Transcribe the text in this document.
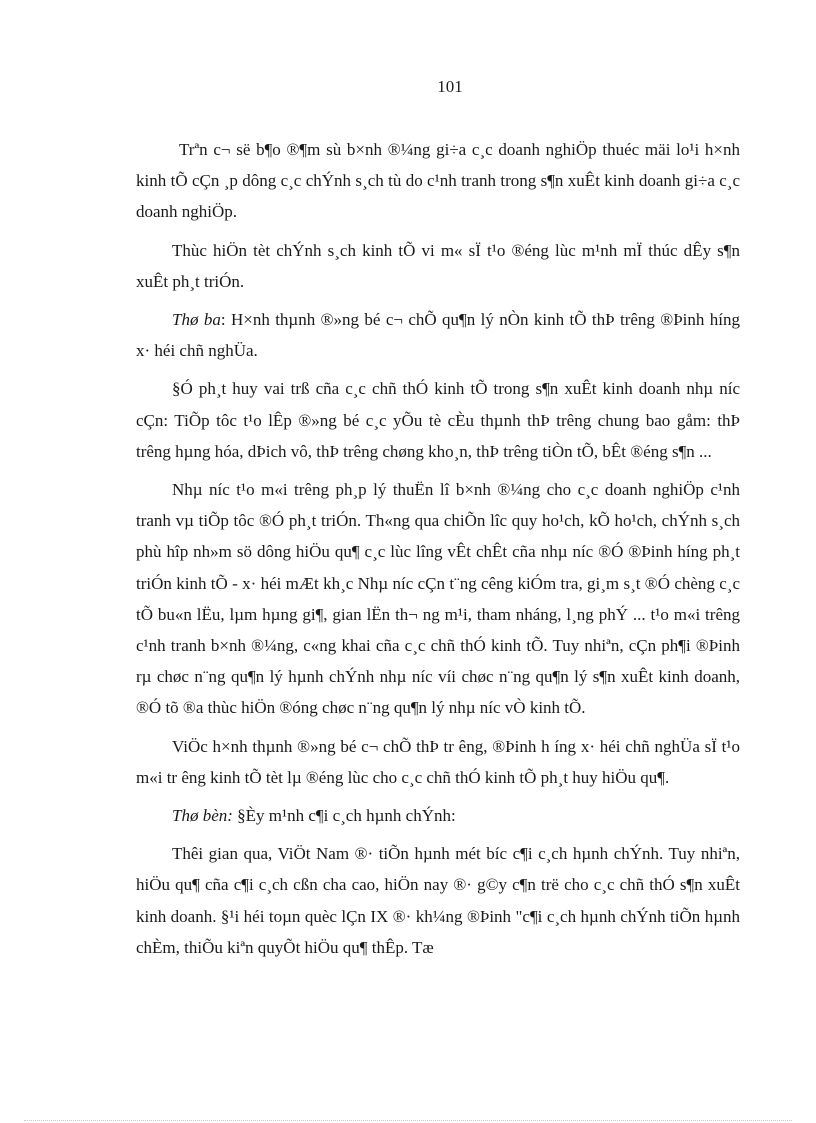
101

Trªn c¬ së b¶o ®¶m sù b×nh ®¼ng gi÷a c¸c doanh nghiÖp thuéc mäi lo¹i h×nh kinh tÕ cÇn ¸p dông c¸c chÝnh s¸ch tù do c¹nh tranh trong s¶n xuÊt kinh doanh gi÷a c¸c doanh nghiÖp.

Thùc hiÖn tèt chÝnh s¸ch kinh tÕ vi m« sÏ t¹o ®éng lùc m¹nh mÏ thúc dÊy s¶n xuÊt ph¸t triÓn.

Thø ba: H×nh thµnh ®»ng bé c¬ chÕ qu¶n lý nÒn kinh tÕ thÞ trêng ®Þinh híng x· héi chñ nghÜa.

§Ó ph¸t huy vai trß cña c¸c chñ thÓ kinh tÕ trong s¶n xuÊt kinh doanh nhµ níc cÇn: TiÕp tôc t¹o lÊp ®»ng bé c¸c yÕu tè cÈu thµnh thÞ trêng chung bao gåm: thÞ trêng hµng hóa, dÞich vô, thÞ trêng chøng kho¸n, thÞ trêng tiÒn tÕ, bÊt ®éng s¶n ...

Nhµ níc t¹o m«i trêng ph¸p lý thuËn lî b×nh ®¼ng cho c¸c doanh nghiÖp c¹nh tranh vµ tiÕp tôc ®Ó ph¸t triÓn. Th«ng qua chiÕn lîc quy ho¹ch, kÕ ho¹ch, chÝnh s¸ch phù hîp nh»m sö dông hiÖu qu¶ c¸c lùc lîng vÊt chÊt cña nhµ níc ®Ó ®Þinh híng ph¸t triÓn kinh tÕ - x· héi mÆt kh¸c Nhµ níc cÇn t¨ng cêng kiÓm tra, gi¸m s¸t ®Ó chèng c¸c tÕ bu«n lËu, lµm hµng gi¶, gian lËn th¬ ng m¹i, tham nháng, l¸ng phÝ ... t¹o m«i trêng c¹nh tranh b×nh ®¼ng, c«ng khai cña c¸c chñ thÓ kinh tÕ. Tuy nhiªn, cÇn ph¶i ®Þinh rµ chøc n¨ng qu¶n lý hµnh chÝnh nhµ níc víi chøc n¨ng qu¶n lý s¶n xuÊt kinh doanh, ®Ó tõ ®a thùc hiÖn ®óng chøc n¨ng qu¶n lý nhµ níc vÒ kinh tÕ.

ViÖc h×nh thµnh ®»ng bé c¬ chÕ thÞ tr êng, ®Þinh h íng x· héi chñ nghÜa sÏ t¹o m«i tr êng kinh tÕ tèt lµ ®éng lùc cho c¸c chñ thÓ kinh tÕ ph¸t huy hiÖu qu¶.

Thø bèn: §Èy m¹nh c¶i c¸ch hµnh chÝnh:

Thêi gian qua, ViÖt Nam ®· tiÕn hµnh mét bíc c¶i c¸ch hµnh chÝnh. Tuy nhiªn, hiÖu qu¶ cña c¶i c¸ch cßn cha cao, hiÖn nay ®· g©y c¶n trë cho c¸c chñ thÓ s¶n xuÊt kinh doanh. §¹i héi toµn quèc lÇn IX ®· kh¼ng ®Þinh "c¶i c¸ch hµnh chÝnh tiÕn hµnh chÈm, thiÕu kiªn quyÕt hiÖu qu¶ thÊp. Tæ
